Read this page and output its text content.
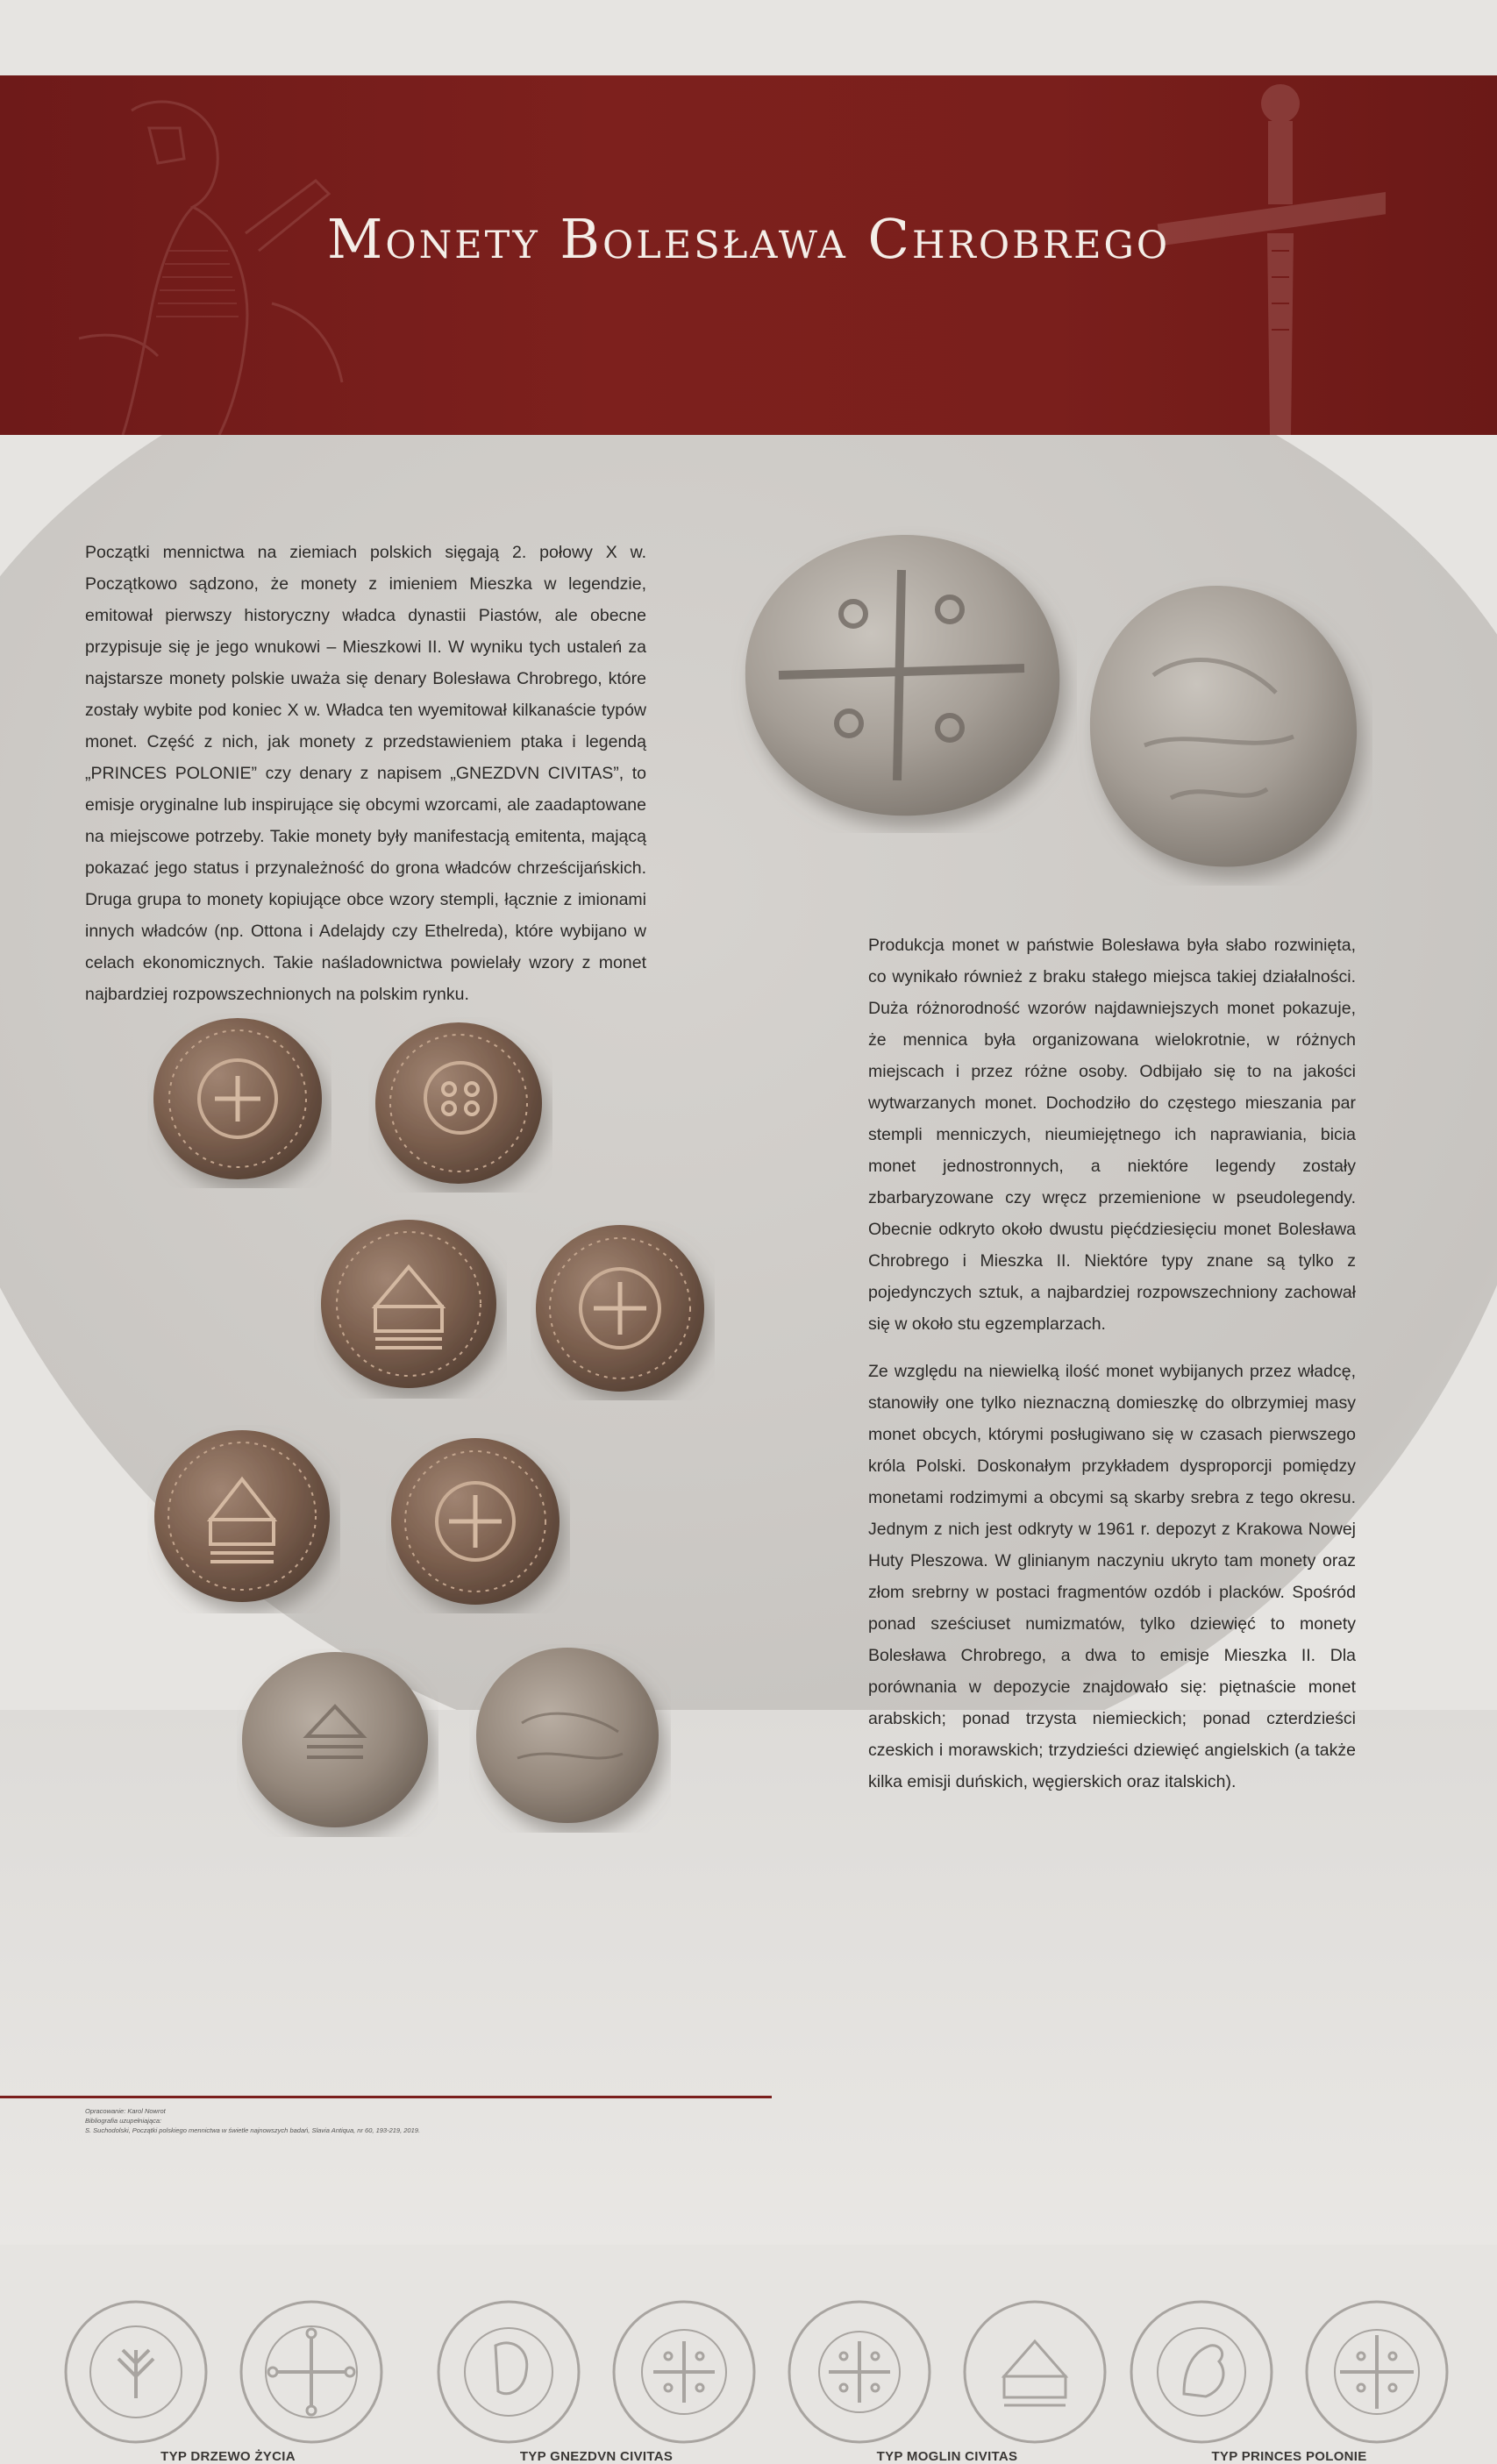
Monety Bolesława Chrobrego
Początki mennictwa na ziemiach polskich sięgają 2. połowy X w. Początkowo sądzono, że monety z imieniem Mieszka w legendzie, emitował pierwszy historyczny władca dynastii Piastów, ale obecne przypisuje się je jego wnukowi – Mieszkowi II. W wyniku tych ustaleń za najstarsze monety polskie uważa się denary Bolesława Chrobrego, które zostały wybite pod koniec X w. Władca ten wyemitował kilkanaście typów monet. Część z nich, jak monety z przedstawieniem ptaka i legendą „PRINCES POLONIE” czy denary z napisem „GNEZDVN CIVITAS”, to emisje oryginalne lub inspirujące się obcymi wzorcami, ale zaadaptowane na miejscowe potrzeby. Takie monety były manifestacją emitenta, mającą pokazać jego status i przynależność do grona władców chrześcijańskich. Druga grupa to monety kopiujące obce wzory stempli, łącznie z imionami innych władców (np. Ottona i Adelajdy czy Ethelreda), które wybijano w celach ekonomicznych. Takie naśladownictwa powielały wzory z monet najbardziej rozpowszechnionych na polskim rynku.

Produkcja monet w państwie Bolesława była słabo rozwinięta, co wynikało również z braku stałego miejsca takiej działalności. Duża różnorodność wzorów najdawniejszych monet pokazuje, że mennica była organizowana wielokrotnie, w różnych miejscach i przez różne osoby. Odbijało się to na jakości wytwarzanych monet. Dochodziło do częstego mieszania par stempli menniczych, nieumiejętnego ich naprawiania, bicia monet jednostronnych, a niektóre legendy zostały zbarbaryzowane czy wręcz przemienione w pseudolegendy. Obecnie odkryto około dwustu pięćdziesięciu monet Bolesława Chrobrego i Mieszka II. Niektóre typy znane są tylko z pojedynczych sztuk, a najbardziej rozpowszechniony zachował się w około stu egzemplarzach.

Ze względu na niewielką ilość monet wybijanych przez władcę, stanowiły one tylko nieznaczną domieszkę do olbrzymiej masy monet obcych, którymi posługiwano się w czasach pierwszego króla Polski. Doskonałym przykładem dysproporcji pomiędzy monetami rodzimymi a obcymi są skarby srebra z tego okresu. Jednym z nich jest odkryty w 1961 r. depozyt z Krakowa Nowej Huty Pleszowa. W glinianym naczyniu ukryto tam monety oraz złom srebrny w postaci fragmentów ozdób i placków. Spośród ponad sześciuset numizmatów, tylko dziewięć to monety Bolesława Chrobrego, a dwa to emisje Mieszka II. Dla porównania w depozycie znajdowało się: piętnaście monet arabskich; ponad trzysta niemieckich; ponad czterdzieści czeskich i morawskich; trzydzieści dziewięć angielskich (a także kilka emisji duńskich, węgierskich oraz italskich).

TYP DRZEWO ŻYCIA	TYP GNEZDVN CIVITAS	TYP MOGLIN CIVITAS	TYP PRINCES POLONIE
Opracowanie: Karol Nowrot
Bibliografia uzupełniająca:
S. Suchodolski, Początki polskiego mennictwa w świetle najnowszych badań, Slavia Antiqua, nr 60, 193-219, 2019.
